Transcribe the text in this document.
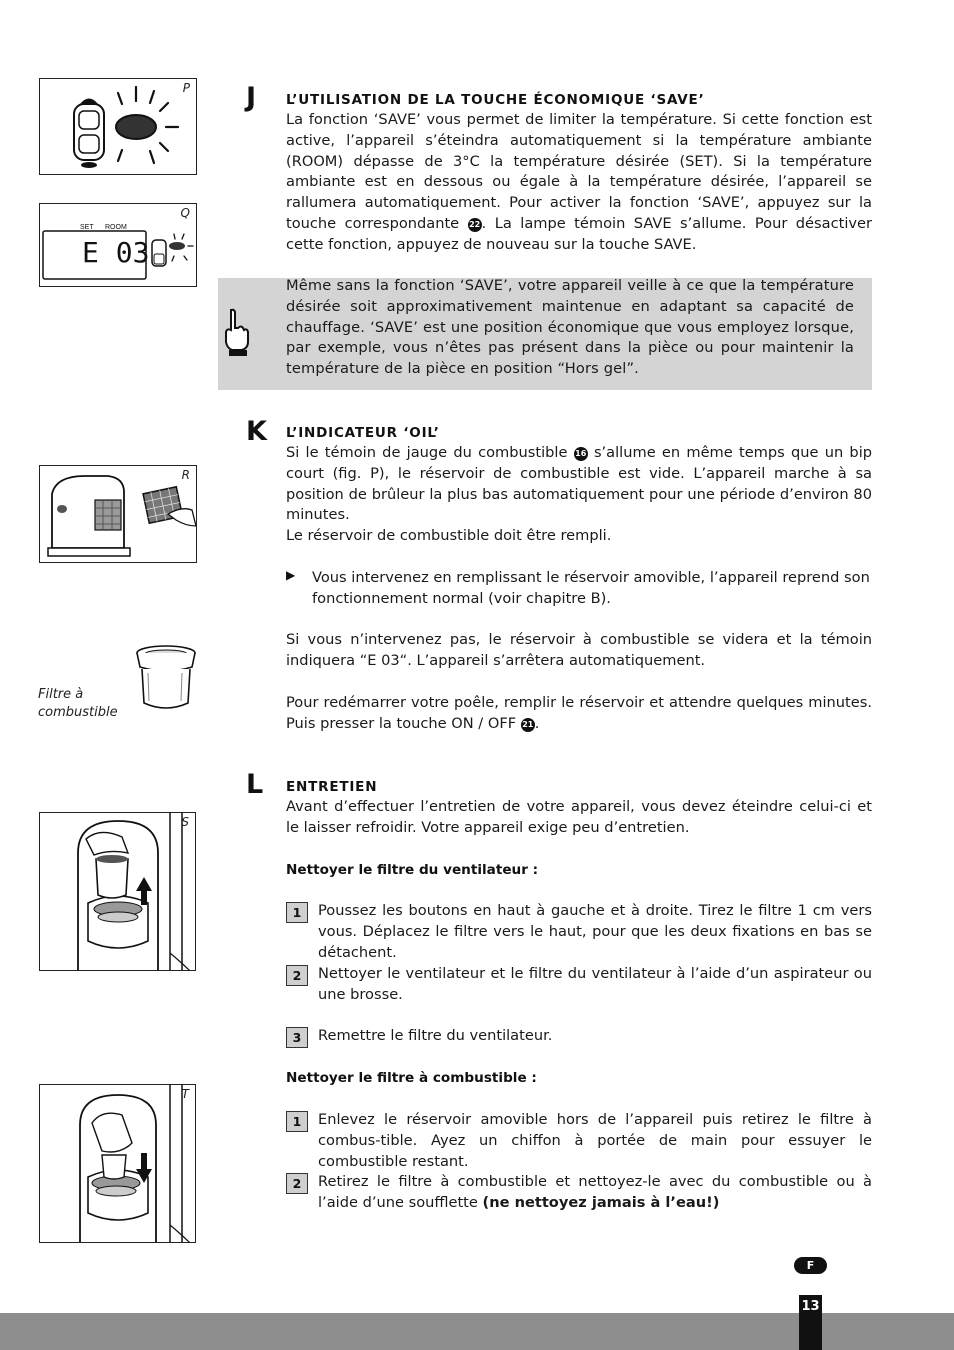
P
Q
SET ROOM
E 03
R
Filtre à
combustible
S
T
J L’UTILISATION DE LA TOUCHE ÉCONOMIQUE ‘SAVE’
La fonction ‘SAVE’ vous permet de limiter la température. Si cette fonction est active, l’appareil s’éteindra automatiquement si la température ambiante (ROOM) dépasse de 3°C la température désirée (SET). Si la température ambiante est en dessous ou égale à la température désirée, l’appareil se rallumera automatiquement. Pour activer la fonction ‘SAVE’, appuyez sur la touche correspondante 22. La lampe témoin SAVE s’allume. Pour désactiver cette fonction, appuyez de nouveau sur la touche SAVE.
Même sans la fonction ‘SAVE’, votre appareil veille à ce que la température désirée soit approximativement maintenue en adaptant sa capacité de chauffage. ‘SAVE’ est une position économique que vous employez lorsque, par exemple, vous n’êtes pas présent dans la pièce ou pour maintenir la température de la pièce en position “Hors gel”.
K L’INDICATEUR ‘OIL’
Si le témoin de jauge du combustible 16 s’allume en même temps que un bip court (fig. P), le réservoir de combustible est vide. L’appareil marche à sa position de brûleur la plus bas automatiquement pour une période d’environ 80 minutes.
Le réservoir de combustible doit être rempli.
▶ Vous intervenez en remplissant le réservoir amovible, l’appareil reprend son fonctionnement normal (voir chapitre B).
Si vous n’intervenez pas, le réservoir à combustible se videra et la témoin indiquera “E 03“. L’appareil s’arrêtera automatiquement.
Pour redémarrer votre poêle, remplir le réservoir et attendre quelques minutes. Puis presser la touche ON / OFF 21.
L ENTRETIEN
Avant d’effectuer l’entretien de votre appareil, vous devez éteindre celui-ci et le laisser refroidir. Votre appareil exige peu d’entretien.
Nettoyer le filtre du ventilateur :
1	Poussez les boutons en haut à gauche et à droite. Tirez le filtre 1 cm vers vous. Déplacez le filtre vers le haut, pour que les deux fixations en bas se détachent.
2	Nettoyer le ventilateur et le filtre du ventilateur à l’aide d’un aspirateur ou une brosse.
3	Remettre le filtre du ventilateur.
Nettoyer le filtre à combustible :
1	Enlevez le réservoir amovible hors de l’appareil puis retirez le filtre à combus-tible. Ayez un chiffon à portée de main pour essuyer le combustible restant.
2	Retirez le filtre à combustible et nettoyez-le avec du combustible ou à l’aide d’une soufflette (ne nettoyez jamais à l’eau!)
F
13
